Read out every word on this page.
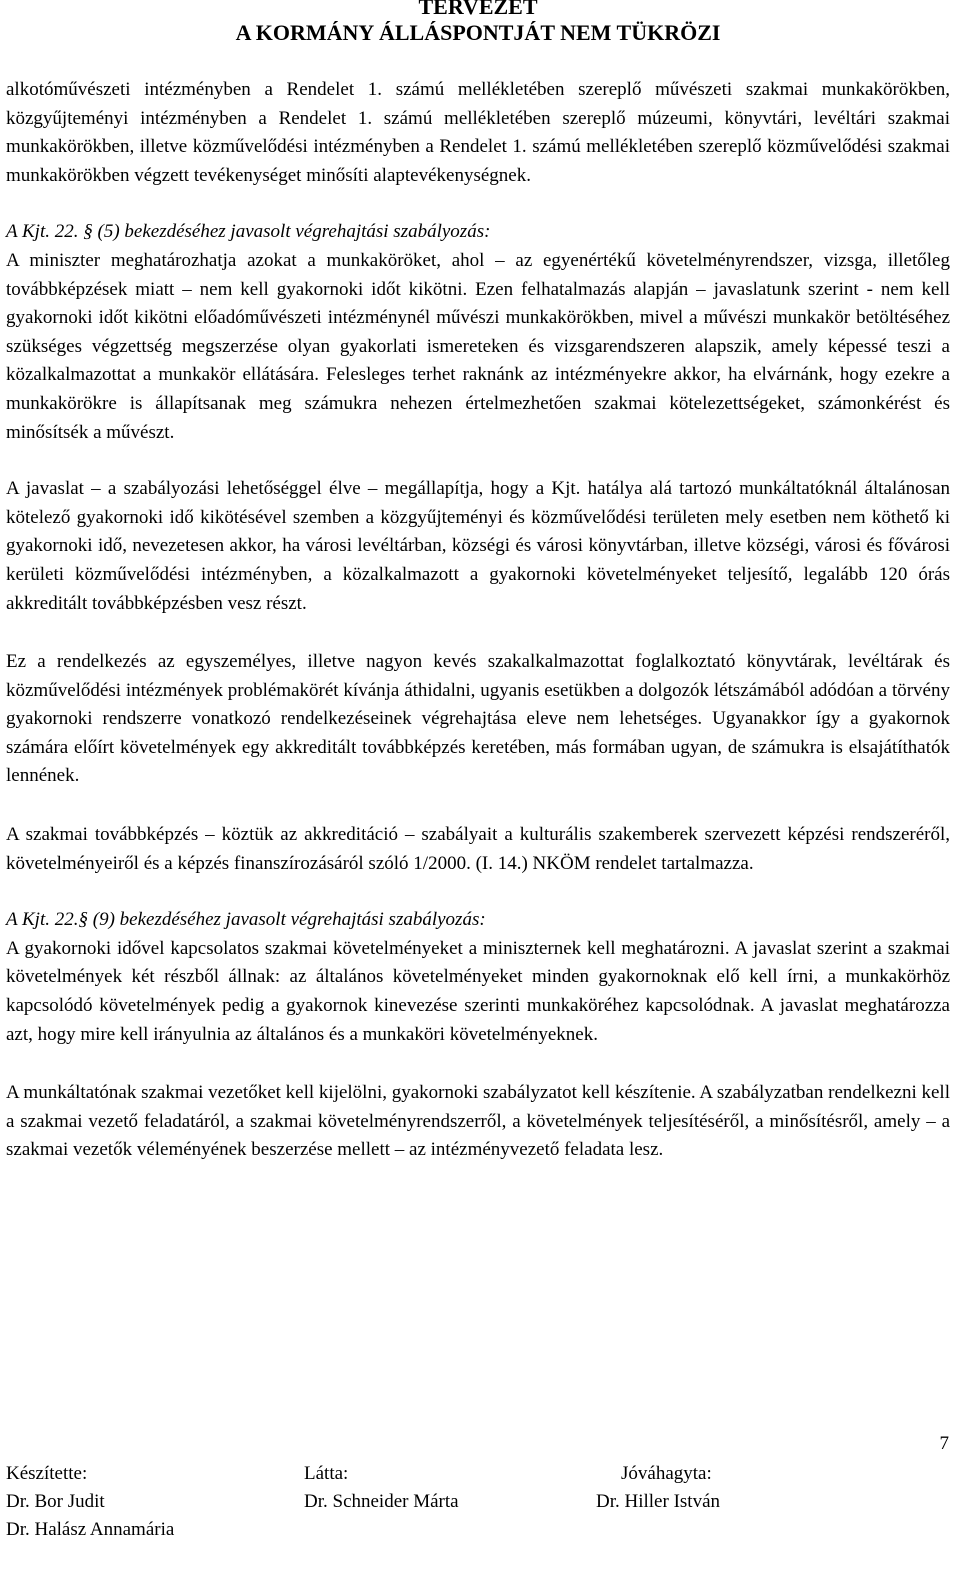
TERVEZET
A KORMÁNY ÁLLÁSPONTJÁT NEM TÜKRÖZI

alkotóművészeti intézményben a Rendelet 1. számú mellékletében szereplő művészeti szakmai munkakörökben, közgyűjteményi intézményben a Rendelet 1. számú mellékletében szereplő múzeumi, könyvtári, levéltári szakmai munkakörökben, illetve közművelődési intézményben a Rendelet 1. számú mellékletében szereplő közművelődési szakmai munkakörökben végzett tevékenységet minősíti alaptevékenységnek.

A Kjt. 22. § (5) bekezdéséhez javasolt végrehajtási szabályozás:

A miniszter meghatározhatja azokat a munkaköröket, ahol – az egyenértékű követelményrendszer, vizsga, illetőleg továbbképzések miatt – nem kell gyakornoki időt kikötni. Ezen felhatalmazás alapján – javaslatunk szerint - nem kell gyakornoki időt kikötni előadóművészeti intézménynél művészi munkakörökben, mivel a művészi munkakör betöltéséhez szükséges végzettség megszerzése olyan gyakorlati ismereteken és vizsgarendszeren alapszik, amely képessé teszi a közalkalmazottat a munkakör ellátására. Felesleges terhet raknánk az intézményekre akkor, ha elvárnánk, hogy ezekre a munkakörökre is állapítsanak meg számukra nehezen értelmezhetően szakmai kötelezettségeket, számonkérést és minősítsék a művészt.

A javaslat – a szabályozási lehetőséggel élve – megállapítja, hogy a Kjt. hatálya alá tartozó munkáltatóknál általánosan kötelező gyakornoki idő kikötésével szemben a közgyűjteményi és közművelődési területen mely esetben nem köthető ki gyakornoki idő, nevezetesen akkor, ha városi levéltárban, községi és városi könyvtárban, illetve községi, városi és fővárosi kerületi közművelődési intézményben, a közalkalmazott a gyakornoki követelményeket teljesítő, legalább 120 órás akkreditált továbbképzésben vesz részt.

Ez a rendelkezés az egyszemélyes, illetve nagyon kevés szakalkalmazottat foglalkoztató könyvtárak, levéltárak és közművelődési intézmények problémakörét kívánja áthidalni, ugyanis esetükben a dolgozók létszámából adódóan a törvény gyakornoki rendszerre vonatkozó rendelkezéseinek végrehajtása eleve nem lehetséges. Ugyanakkor így a gyakornok számára előírt követelmények egy akkreditált továbbképzés keretében, más formában ugyan, de számukra is elsajátíthatók lennének.

A szakmai továbbképzés – köztük az akkreditáció – szabályait a kulturális szakemberek szervezett képzési rendszeréről, követelményeiről és a képzés finanszírozásáról szóló 1/2000. (I. 14.) NKÖM rendelet tartalmazza.

A Kjt. 22.§ (9) bekezdéséhez javasolt végrehajtási szabályozás:

A gyakornoki idővel kapcsolatos szakmai követelményeket a miniszternek kell meghatározni. A javaslat szerint a szakmai követelmények két részből állnak: az általános követelményeket minden gyakornoknak elő kell írni, a munkakörhöz kapcsolódó követelmények pedig a gyakornok kinevezése szerinti munkaköréhez kapcsolódnak. A javaslat meghatározza azt, hogy mire kell irányulnia az általános és a munkaköri követelményeknek.

A munkáltatónak szakmai vezetőket kell kijelölni, gyakornoki szabályzatot kell készítenie. A szabályzatban rendelkezni kell a szakmai vezető feladatáról, a szakmai követelményrendszerről, a követelmények teljesítéséről, a minősítésről, amely – a szakmai vezetők véleményének beszerzése mellett – az intézményvezető feladata lesz.

7
Készítette:	Látta:	Jóváhagyta:
Dr. Bor Judit	Dr. Schneider Márta	Dr. Hiller István
Dr. Halász Annamária
